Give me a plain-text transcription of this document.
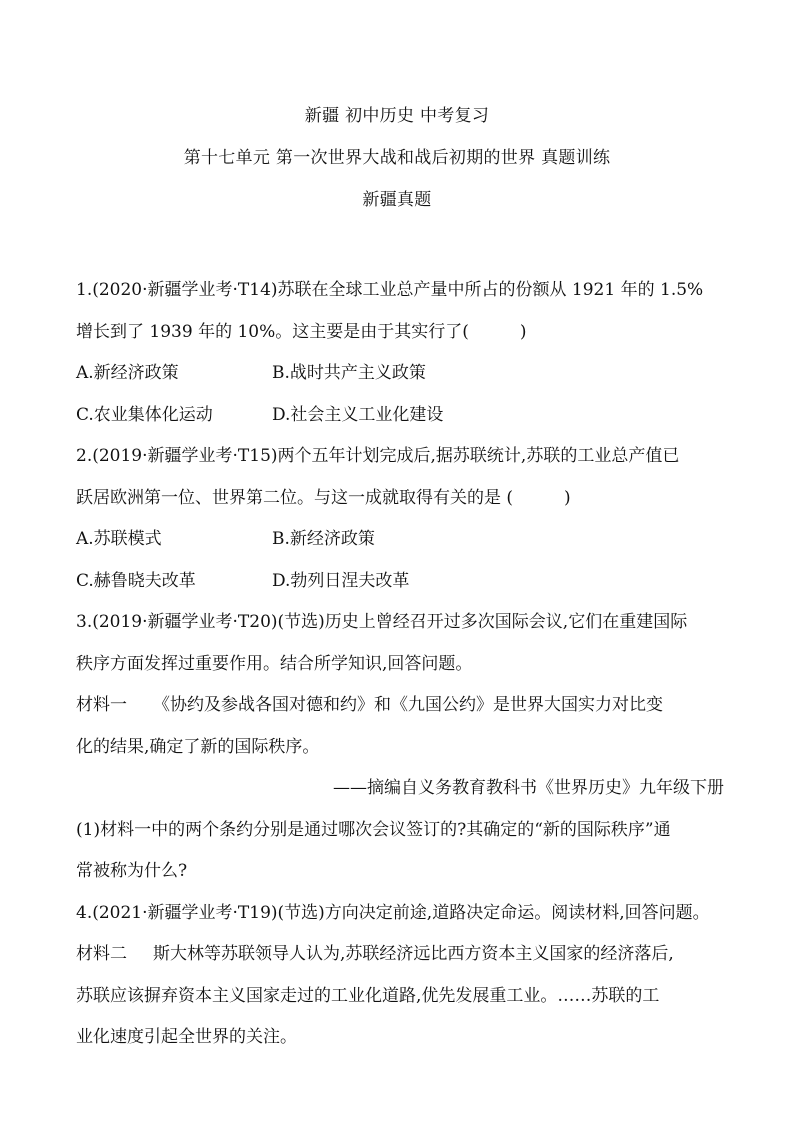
新疆 初中历史 中考复习
第十七单元 第一次世界大战和战后初期的世界 真题训练
新疆真题
1.(2020·新疆学业考·T14)苏联在全球工业总产量中所占的份额从 1921 年的 1.5%
增长到了 1939 年的 10%。这主要是由于其实行了(　　　)
A.新经济政策	B.战时共产主义政策
C.农业集体化运动	D.社会主义工业化建设
2.(2019·新疆学业考·T15)两个五年计划完成后,据苏联统计,苏联的工业总产值已
跃居欧洲第一位、世界第二位。与这一成就取得有关的是 (　　　)
A.苏联模式	B.新经济政策
C.赫鲁晓夫改革	D.勃列日涅夫改革
3.(2019·新疆学业考·T20)(节选)历史上曾经召开过多次国际会议,它们在重建国际
秩序方面发挥过重要作用。结合所学知识,回答问题。
材料一 《协约及参战各国对德和约》和《九国公约》是世界大国实力对比变
化的结果,确定了新的国际秩序。
——摘编自义务教育教科书《世界历史》九年级下册
(1)材料一中的两个条约分别是通过哪次会议签订的?其确定的“新的国际秩序”通
常被称为什么?
4.(2021·新疆学业考·T19)(节选)方向决定前途,道路决定命运。阅读材料,回答问题。
材料二 斯大林等苏联领导人认为,苏联经济远比西方资本主义国家的经济落后,
苏联应该摒弃资本主义国家走过的工业化道路,优先发展重工业。……苏联的工
业化速度引起全世界的关注。
